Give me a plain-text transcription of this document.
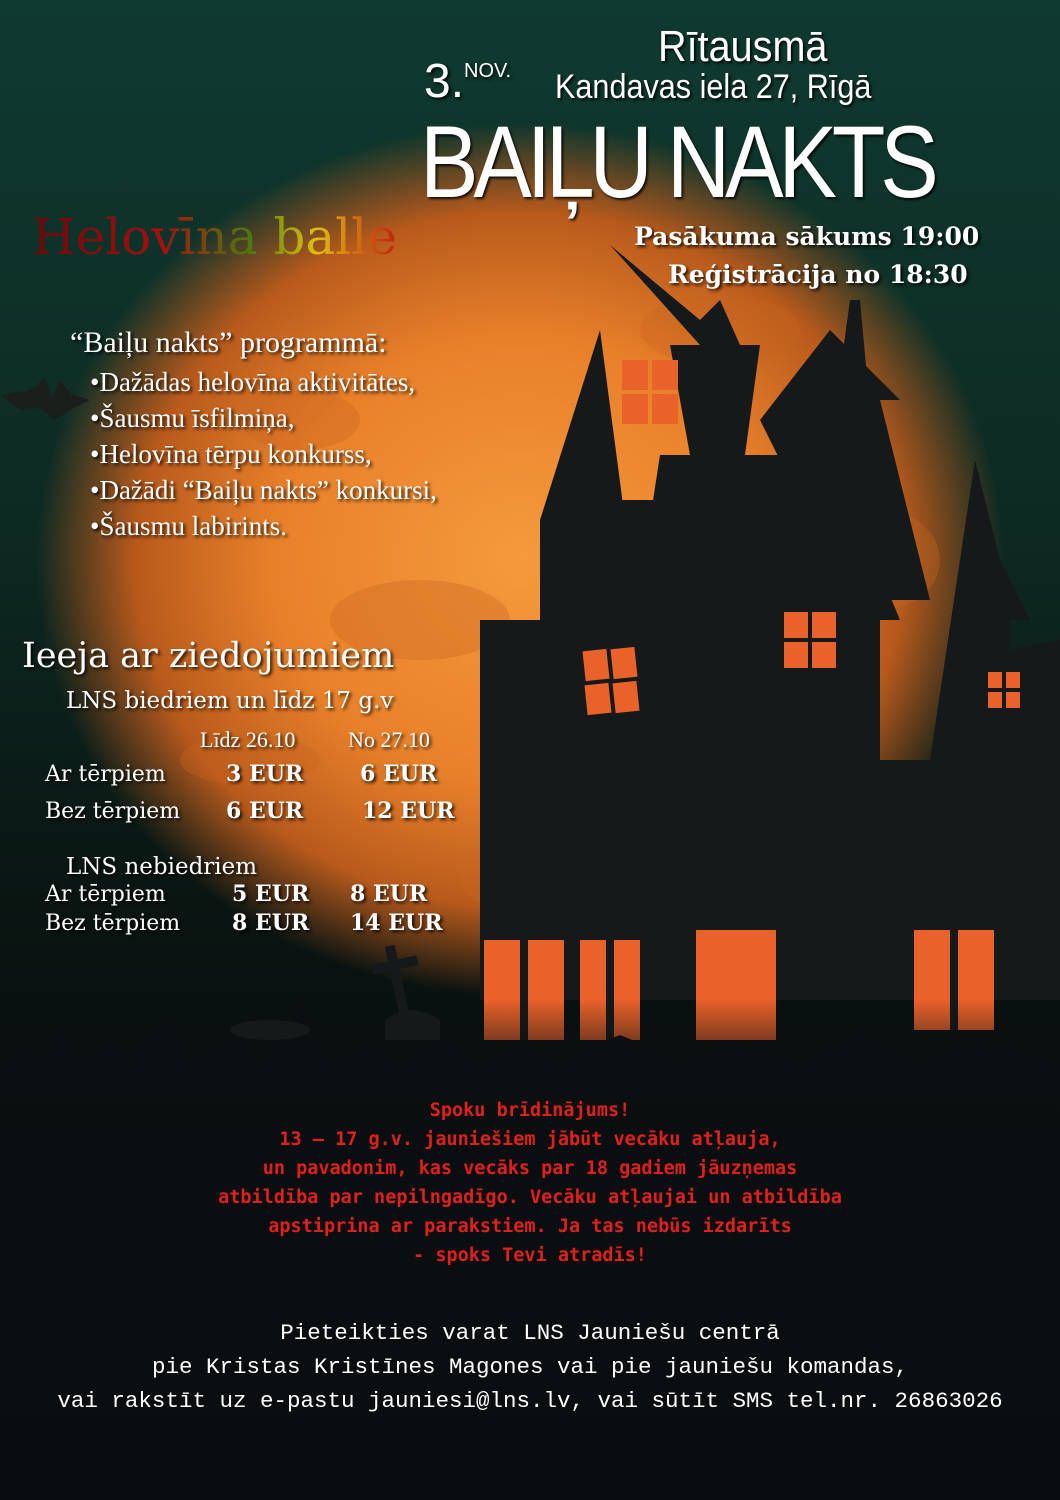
3. NOV.	Rītausmā
Kandavas iela 27, Rīgā
BAIĻU NAKTS
Pasākuma sākums 19:00
Reģistrācija no 18:30
Helovīna balle
“Baiļu nakts” programmā:
• Dažādas helovīna aktivitātes,
• Šausmu īsfilmiņa,
• Helovīna tērpu konkurss,
• Dažādi “Baiļu nakts” konkursi,
• Šausmu labirints.
Ieeja ar ziedojumiem
LNS biedriem un līdz 17 g.v
Līdz 26.10 No 27.10
Ar tērpiem	3 EUR	6 EUR
Bez tērpiem 6 EUR	12 EUR
LNS nebiedriem
Ar tērpiem	5 EUR 8 EUR
Bez tērpiem 8 EUR 14 EUR
Spoku brīdinājums!
13 – 17 g.v. jauniešiem jābūt vecāku atļauja,
un pavadonim, kas vecāks par 18 gadiem jāuzņemas
atbildība par nepilngadīgo. Vecāku atļaujai un atbildība
apstiprina ar parakstiem. Ja tas nebūs izdarīts
- spoks Tevi atradīs!
Pieteikties varat LNS Jauniešu centrā
pie Kristas Kristīnes Magones vai pie jauniešu komandas,
vai rakstīt uz e-pastu jauniesi@lns.lv, vai sūtīt SMS tel.nr. 26863026
